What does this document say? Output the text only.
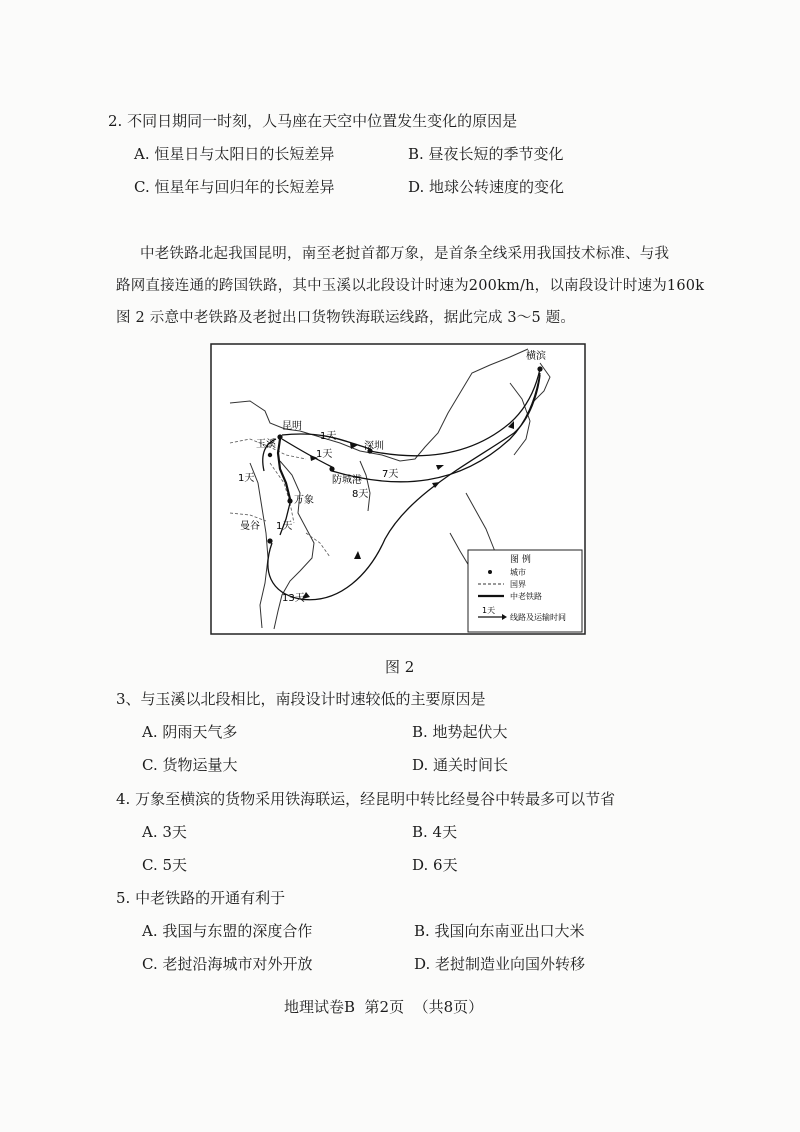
2. 不同日期同一时刻，人马座在天空中位置发生变化的原因是
A. 恒星日与太阳日的长短差异	B. 昼夜长短的季节变化
C. 恒星年与回归年的长短差异	D. 地球公转速度的变化
中老铁路北起我国昆明，南至老挝首都万象，是首条全线采用我国技术标准、与我
路网直接连通的跨国铁路，其中玉溪以北段设计时速为200km/h，以南段设计时速为160k
图 2 示意中老铁路及老挝出口货物铁海联运线路，据此完成 3～5 题。
昆明
玉溪
万象
曼谷
防城港
深圳
横滨
1天
1天
1天
1天
7天
8天
13天
图 例
城市
国界
中老铁路
1天
线路及运输时间
图 2
3、与玉溪以北段相比，南段设计时速较低的主要原因是
A. 阴雨天气多	B. 地势起伏大
C. 货物运量大	D. 通关时间长
4. 万象至横滨的货物采用铁海联运，经昆明中转比经曼谷中转最多可以节省
A. 3天	B. 4天
C. 5天	D. 6天
5. 中老铁路的开通有利于
A. 我国与东盟的深度合作	B. 我国向东南亚出口大米
C. 老挝沿海城市对外开放	D. 老挝制造业向国外转移
地理试卷B  第2页  （共8页）
